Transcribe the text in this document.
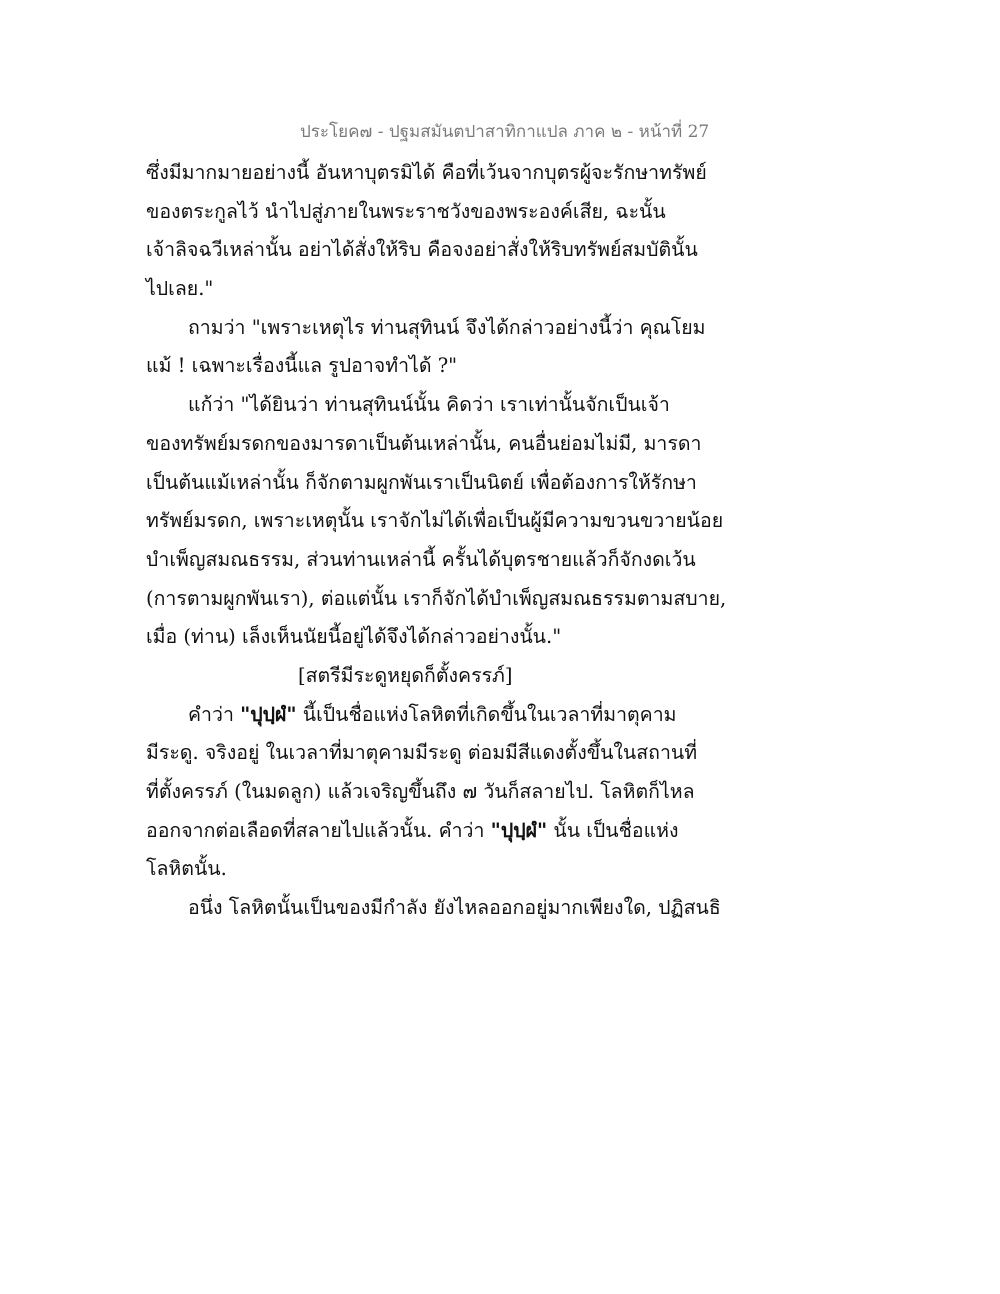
ประโยค๗ - ปฐมสมันตปาสาทิกาแปล ภาค ๒ - หน้าที่ 27
ซึ่งมีมากมายอย่างนี้ อันหาบุตรมิได้ คือที่เว้นจากบุตรผู้จะรักษาทรัพย์
ของตระกูลไว้ นำไปสู่ภายในพระราชวังของพระองค์เสีย, ฉะนั้น
เจ้าลิจฉวีเหล่านั้น อย่าได้สั่งให้ริบ คือจงอย่าสั่งให้ริบทรัพย์สมบัตินั้น
ไปเลย."
ถามว่า "เพราะเหตุไร ท่านสุทินน์ จึงได้กล่าวอย่างนี้ว่า คุณโยม
แม้ ! เฉพาะเรื่องนี้แล รูปอาจทำได้ ?"
แก้ว่า "ได้ยินว่า ท่านสุทินน์นั้น คิดว่า เราเท่านั้นจักเป็นเจ้า
ของทรัพย์มรดกของมารดาเป็นต้นเหล่านั้น, คนอื่นย่อมไม่มี, มารดา
เป็นต้นแม้เหล่านั้น ก็จักตามผูกพันเราเป็นนิตย์ เพื่อต้องการให้รักษา
ทรัพย์มรดก, เพราะเหตุนั้น เราจักไม่ได้เพื่อเป็นผู้มีความขวนขวายน้อย
บำเพ็ญสมณธรรม, ส่วนท่านเหล่านี้ ครั้นได้บุตรชายแล้วก็จักงดเว้น
(การตามผูกพันเรา), ต่อแต่นั้น เราก็จักได้บำเพ็ญสมณธรรมตามสบาย,
เมื่อ (ท่าน) เล็งเห็นนัยนี้อยู่ได้จึงได้กล่าวอย่างนั้น."
[สตรีมีระดูหยุดก็ตั้งครรภ์]
คำว่า "ปุปฺผํ" นี้เป็นชื่อแห่งโลหิตที่เกิดขึ้นในเวลาที่มาตุคาม
มีระดู. จริงอยู่ ในเวลาที่มาตุคามมีระดู ต่อมมีสีแดงตั้งขึ้นในสถานที่
ที่ตั้งครรภ์ (ในมดลูก) แล้วเจริญขึ้นถึง ๗ วันก็สลายไป. โลหิตก็ไหล
ออกจากต่อเลือดที่สลายไปแล้วนั้น. คำว่า "ปุปฺผํ" นั้น เป็นชื่อแห่ง
โลหิตนั้น.
อนึ่ง โลหิตนั้นเป็นของมีกำลัง ยังไหลออกอยู่มากเพียงใด, ปฏิสนธิ
